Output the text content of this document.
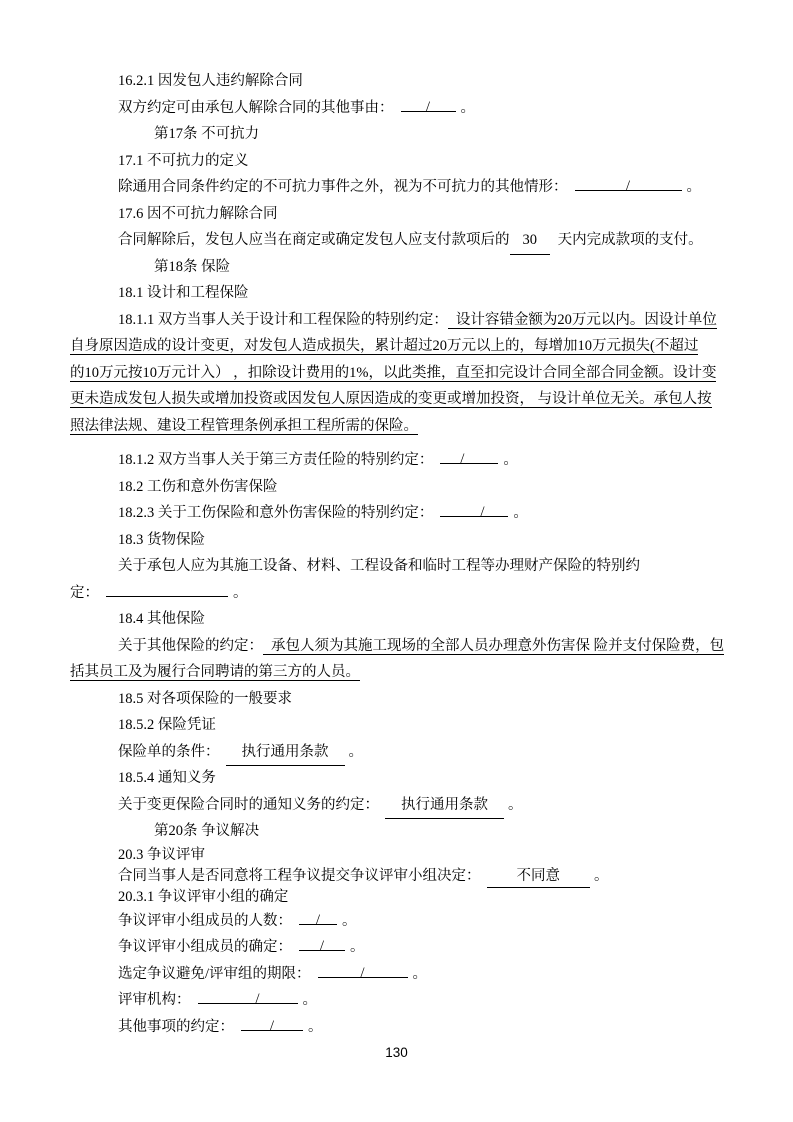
16.2.1 因发包人违约解除合同
双方约定可由承包人解除合同的其他事由： / 。
第17条 不可抗力
17.1 不可抗力的定义
除通用合同条件约定的不可抗力事件之外，视为不可抗力的其他情形：	/	。
17.6 因不可抗力解除合同
合同解除后，发包人应当在商定或确定发包人应支付款项后的 30 天内完成款项的支付。
第18条 保险
18.1 设计和工程保险
18.1.1 双方当事人关于设计和工程保险的特别约定： 设计容错金额为20万元以内。因设计单位
自身原因造成的设计变更，对发包人造成损失，累计超过20万元以上的，每增加10万元损失(不超过
的10万元按10万元计入） ，扣除设计费用的1%，以此类推，直至扣完设计合同全部合同金额。设计变
更未造成发包人损失或增加投资或因发包人原因造成的变更或增加投资， 与设计单位无关。承包人按
照法律法规、建设工程管理条例承担工程所需的保险。
18.1.2 双方当事人关于第三方责任险的特别约定： /	。
18.2 工伤和意外伤害保险
18.2.3 关于工伤保险和意外伤害保险的特别约定：	/ 。
18.3 货物保险
关于承包人应为其施工设备、材料、工程设备和临时工程等办理财产保险的特别约
定：	。
18.4 其他保险
关于其他保险的约定： 承包人须为其施工现场的全部人员办理意外伤害保 险并支付保险费，包
括其员工及为履行合同聘请的第三方的人员。
18.5 对各项保险的一般要求
18.5.2 保险凭证
保险单的条件： 执行通用条款 。
18.5.4 通知义务
关于变更保险合同时的通知义务的约定： 执行通用条款 。
第20条 争议解决
20.3 争议评审
合同当事人是否同意将工程争议提交争议评审小组决定： 不同意 。
20.3.1 争议评审小组的确定
争议评审小组成员的人数： / 。
争议评审小组成员的确定： / 。
选定争议避免/评审组的期限：	/	。
评审机构：	/	。
其他事项的约定： / 。
130
